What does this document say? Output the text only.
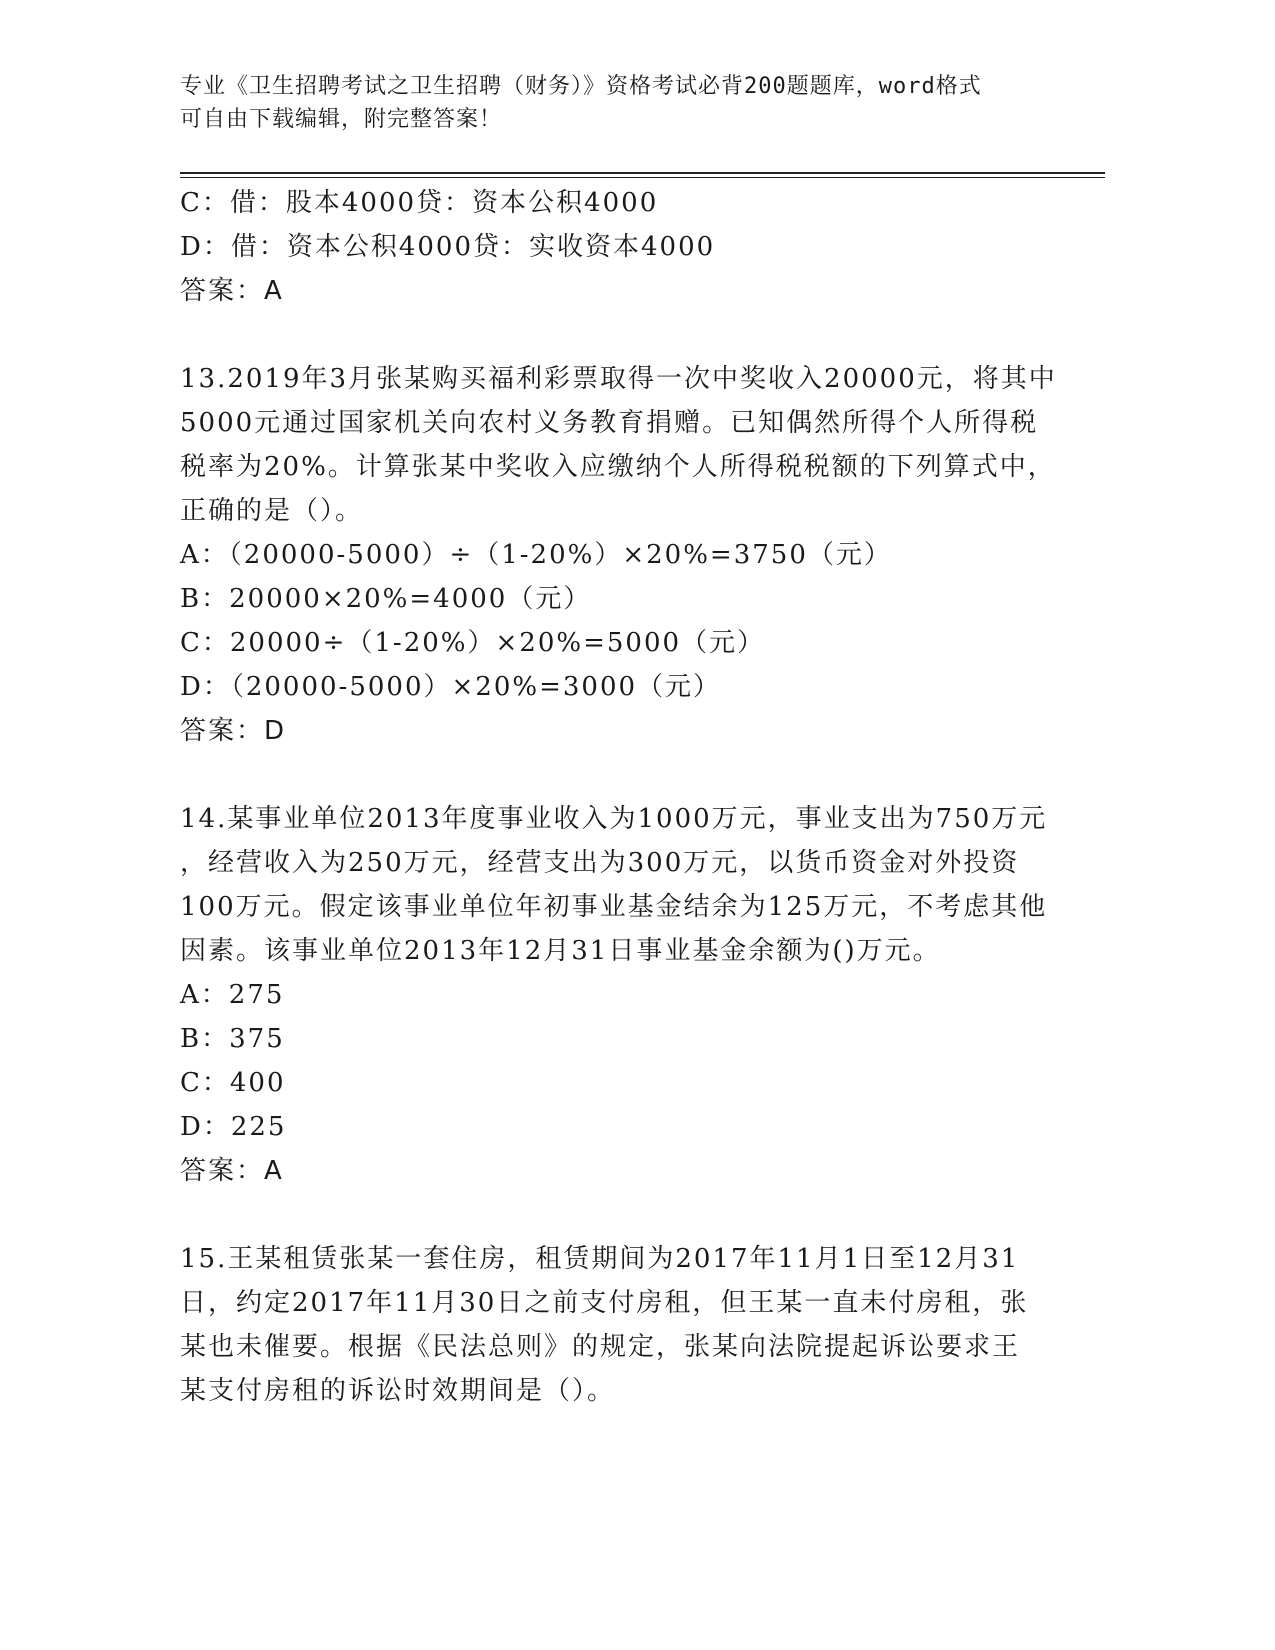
专业《卫生招聘考试之卫生招聘（财务）》资格考试必背200题题库，word格式
可自由下载编辑，附完整答案！
C：借：股本4000贷：资本公积4000
D：借：资本公积4000贷：实收资本4000
答案：A
13.2019年3月张某购买福利彩票取得一次中奖收入20000元，将其中
5000元通过国家机关向农村义务教育捐赠。已知偶然所得个人所得税
税率为20%。计算张某中奖收入应缴纳个人所得税税额的下列算式中，
正确的是（）。
A：（20000-5000）÷（1-20%）×20%=3750（元）
B：20000×20%=4000（元）
C：20000÷（1-20%）×20%=5000（元）
D：（20000-5000）×20%=3000（元）
答案：D
14.某事业单位2013年度事业收入为1000万元，事业支出为750万元
，经营收入为250万元，经营支出为300万元，以货币资金对外投资
100万元。假定该事业单位年初事业基金结余为125万元，不考虑其他
因素。该事业单位2013年12月31日事业基金余额为()万元。
A：275
B：375
C：400
D：225
答案：A
15.王某租赁张某一套住房，租赁期间为2017年11月1日至12月31
日，约定2017年11月30日之前支付房租，但王某一直未付房租，张
某也未催要。根据《民法总则》的规定，张某向法院提起诉讼要求王
某支付房租的诉讼时效期间是（）。
